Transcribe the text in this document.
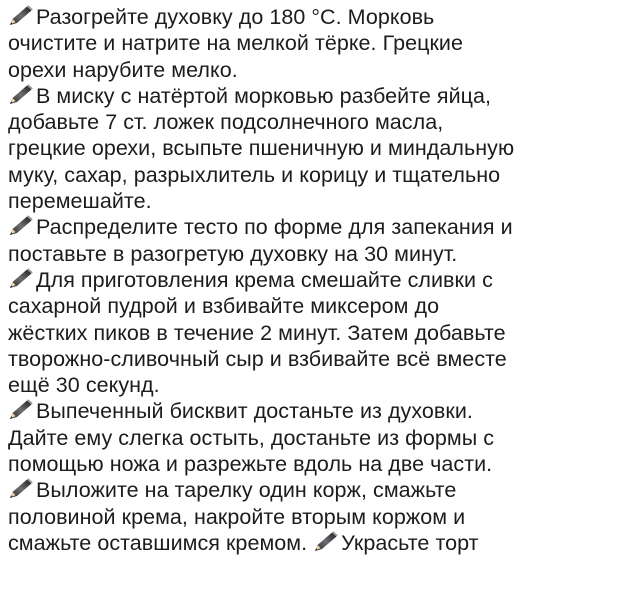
Разогрейте духовку до 180 °С. Морковь
очистите и натрите на мелкой тёрке. Грецкие
орехи нарубите мелко.
В миску с натёртой морковью разбейте яйца,
добавьте 7 ст. ложек подсолнечного масла,
грецкие орехи, всыпьте пшеничную и миндальную
муку, сахар, разрыхлитель и корицу и тщательно
перемешайте.
Распределите тесто по форме для запекания и
поставьте в разогретую духовку на 30 минут.
Для приготовления крема смешайте сливки с
сахарной пудрой и взбивайте миксером до
жёстких пиков в течение 2 минут. Затем добавьте
творожно-сливочный сыр и взбивайте всё вместе
ещё 30 секунд.
Выпеченный бисквит достаньте из духовки.
Дайте ему слегка остыть, достаньте из формы с
помощью ножа и разрежьте вдоль на две части.
Выложите на тарелку один корж, смажьте
половиной крема, накройте вторым коржом и
смажьте оставшимся кремом.
Украсьте торт
